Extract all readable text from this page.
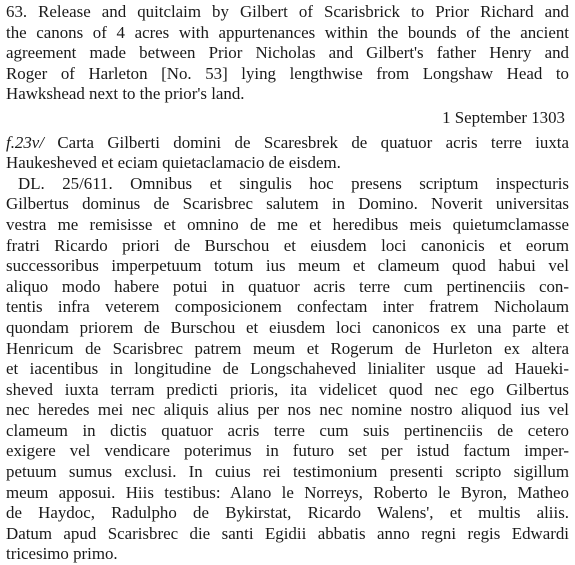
63. Release and quitclaim by Gilbert of Scarisbrick to Prior Richard and
the canons of 4 acres with appurtenances within the bounds of the ancient
agreement made between Prior Nicholas and Gilbert's father Henry and
Roger of Harleton [No. 53] lying lengthwise from Longshaw Head to
Hawkshead next to the prior's land.
1 September 1303
f.23v/ Carta Gilberti domini de Scaresbrek de quatuor acris terre iuxta
Haukesheved et eciam quietaclamacio de eisdem.
DL. 25/611. Omnibus et singulis hoc presens scriptum inspecturis
Gilbertus dominus de Scarisbrec salutem in Domino. Noverit universitas
vestra me remisisse et omnino de me et heredibus meis quietumclamasse
fratri Ricardo priori de Burschou et eiusdem loci canonicis et eorum
successoribus imperpetuum totum ius meum et clameum quod habui vel
aliquo modo habere potui in quatuor acris terre cum pertinenciis con-
tentis infra veterem composicionem confectam inter fratrem Nicholaum
quondam priorem de Burschou et eiusdem loci canonicos ex una parte et
Henricum de Scarisbrec patrem meum et Rogerum de Hurleton ex altera
et iacentibus in longitudine de Longschaheved linialiter usque ad Haueki-
sheved iuxta terram predicti prioris, ita videlicet quod nec ego Gilbertus
nec heredes mei nec aliquis alius per nos nec nomine nostro aliquod ius vel
clameum in dictis quatuor acris terre cum suis pertinenciis de cetero
exigere vel vendicare poterimus in futuro set per istud factum imper-
petuum sumus exclusi. In cuius rei testimonium presenti scripto sigillum
meum apposui. Hiis testibus: Alano le Norreys, Roberto le Byron, Matheo
de Haydoc, Radulpho de Bykirstat, Ricardo Walens', et multis aliis.
Datum apud Scarisbrec die santi Egidii abbatis anno regni regis Edwardi
tricesimo primo.
